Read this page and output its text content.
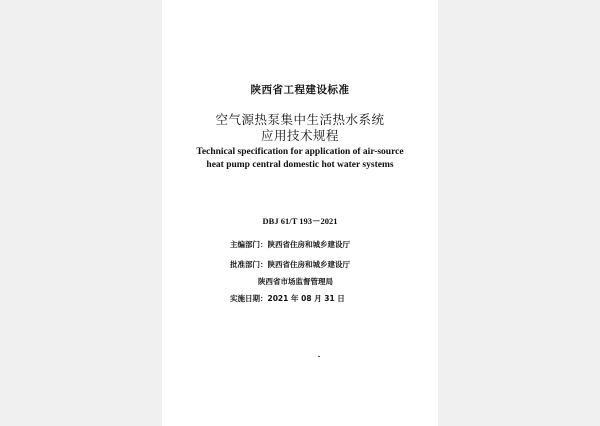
陕西省工程建设标准
空气源热泵集中生活热水系统
应用技术规程
Technical specification for application of air-source
heat pump central domestic hot water systems
DBJ 61/T 193－2021
主编部门：陕西省住房和城乡建设厅
批准部门：陕西省住房和城乡建设厅
陕西省市场监督管理局
实施日期：2021 年 08 月 31 日
